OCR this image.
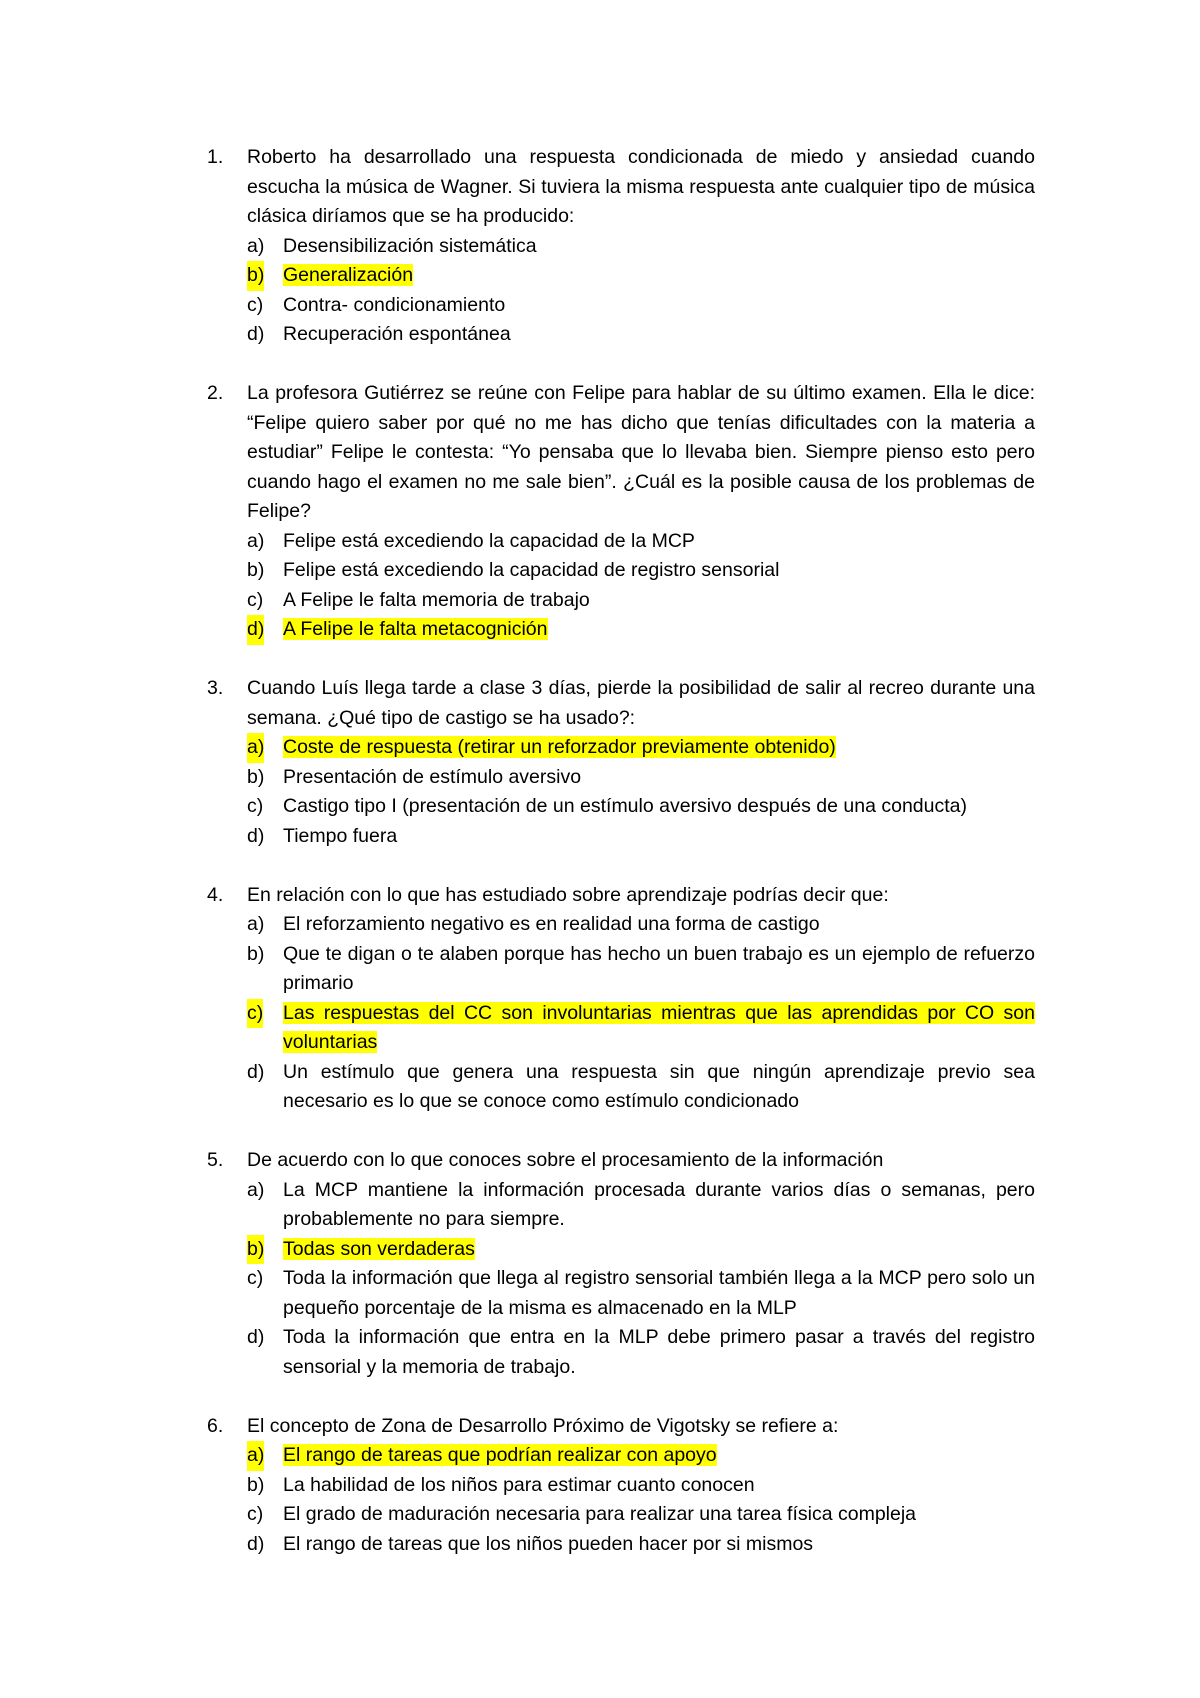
1. Roberto ha desarrollado una respuesta condicionada de miedo y ansiedad cuando escucha la música de Wagner. Si tuviera la misma respuesta ante cualquier tipo de música clásica diríamos que se ha producido:
a) Desensibilización sistemática
b) Generalización
c) Contra- condicionamiento
d) Recuperación espontánea
2. La profesora Gutiérrez se reúne con Felipe para hablar de su último examen. Ella le dice: “Felipe quiero saber por qué no me has dicho que tenías dificultades con la materia a estudiar” Felipe le contesta: “Yo pensaba que lo llevaba bien. Siempre pienso esto pero cuando hago el examen no me sale bien”. ¿Cuál es la posible causa de los problemas de Felipe?
a) Felipe está excediendo la capacidad de la MCP
b) Felipe está excediendo la capacidad de registro sensorial
c) A Felipe le falta memoria de trabajo
d) A Felipe le falta metacognición
3. Cuando Luís llega tarde a clase 3 días, pierde la posibilidad de salir al recreo durante una semana. ¿Qué tipo de castigo se ha usado?:
a) Coste de respuesta (retirar un reforzador previamente obtenido)
b) Presentación de estímulo aversivo
c) Castigo tipo I (presentación de un estímulo aversivo después de una conducta)
d) Tiempo fuera
4. En relación con lo que has estudiado sobre aprendizaje podrías decir que:
a) El reforzamiento negativo es en realidad una forma de castigo
b) Que te digan o te alaben porque has hecho un buen trabajo es un ejemplo de refuerzo primario
c) Las respuestas del CC son involuntarias mientras que las aprendidas por CO son voluntarias
d) Un estímulo que genera una respuesta sin que ningún aprendizaje previo sea necesario es lo que se conoce como estímulo condicionado
5. De acuerdo con lo que conoces sobre el procesamiento de la información
a) La MCP mantiene la información procesada durante varios días o semanas, pero probablemente no para siempre.
b) Todas son verdaderas
c) Toda la información que llega al registro sensorial también llega a la MCP pero solo un pequeño porcentaje de la misma es almacenado en la MLP
d) Toda la información que entra en la MLP debe primero pasar a través del registro sensorial y la memoria de trabajo.
6. El concepto de Zona de Desarrollo Próximo de Vigotsky se refiere a:
a) El rango de tareas que podrían realizar con apoyo
b) La habilidad de los niños para estimar cuanto conocen
c) El grado de maduración necesaria para realizar una tarea física compleja
d) El rango de tareas que los niños pueden hacer por si mismos
